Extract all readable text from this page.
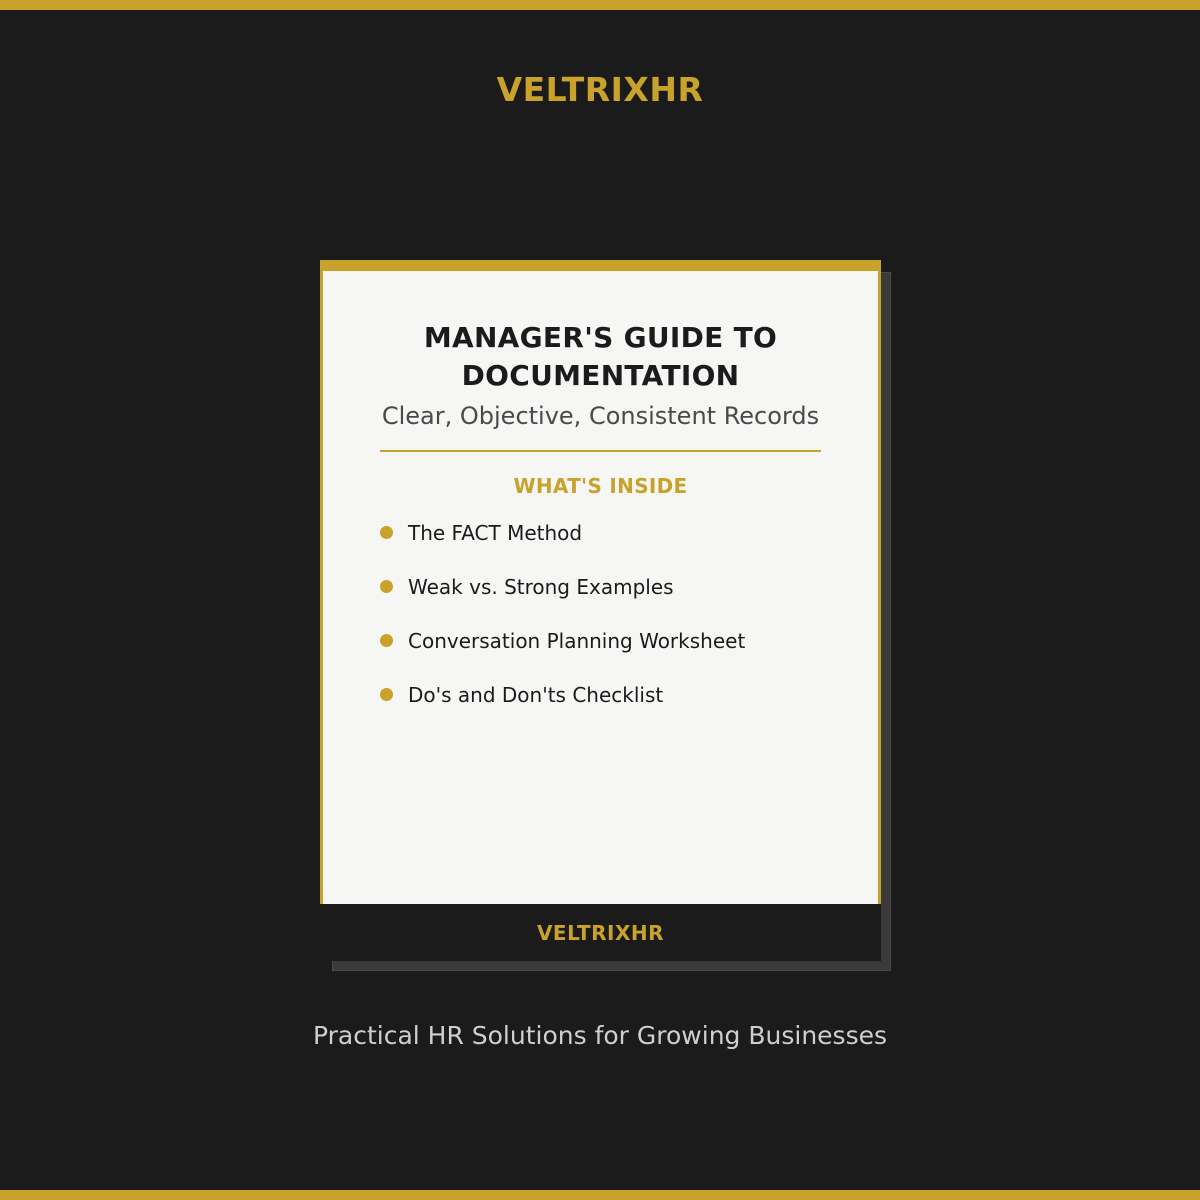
VELTRIXHR
MANAGER'S GUIDE TO
DOCUMENTATION
Clear, Objective, Consistent Records
WHAT'S INSIDE
The FACT Method
Weak vs. Strong Examples
Conversation Planning Worksheet
Do's and Don'ts Checklist
VELTRIXHR
Practical HR Solutions for Growing Businesses
